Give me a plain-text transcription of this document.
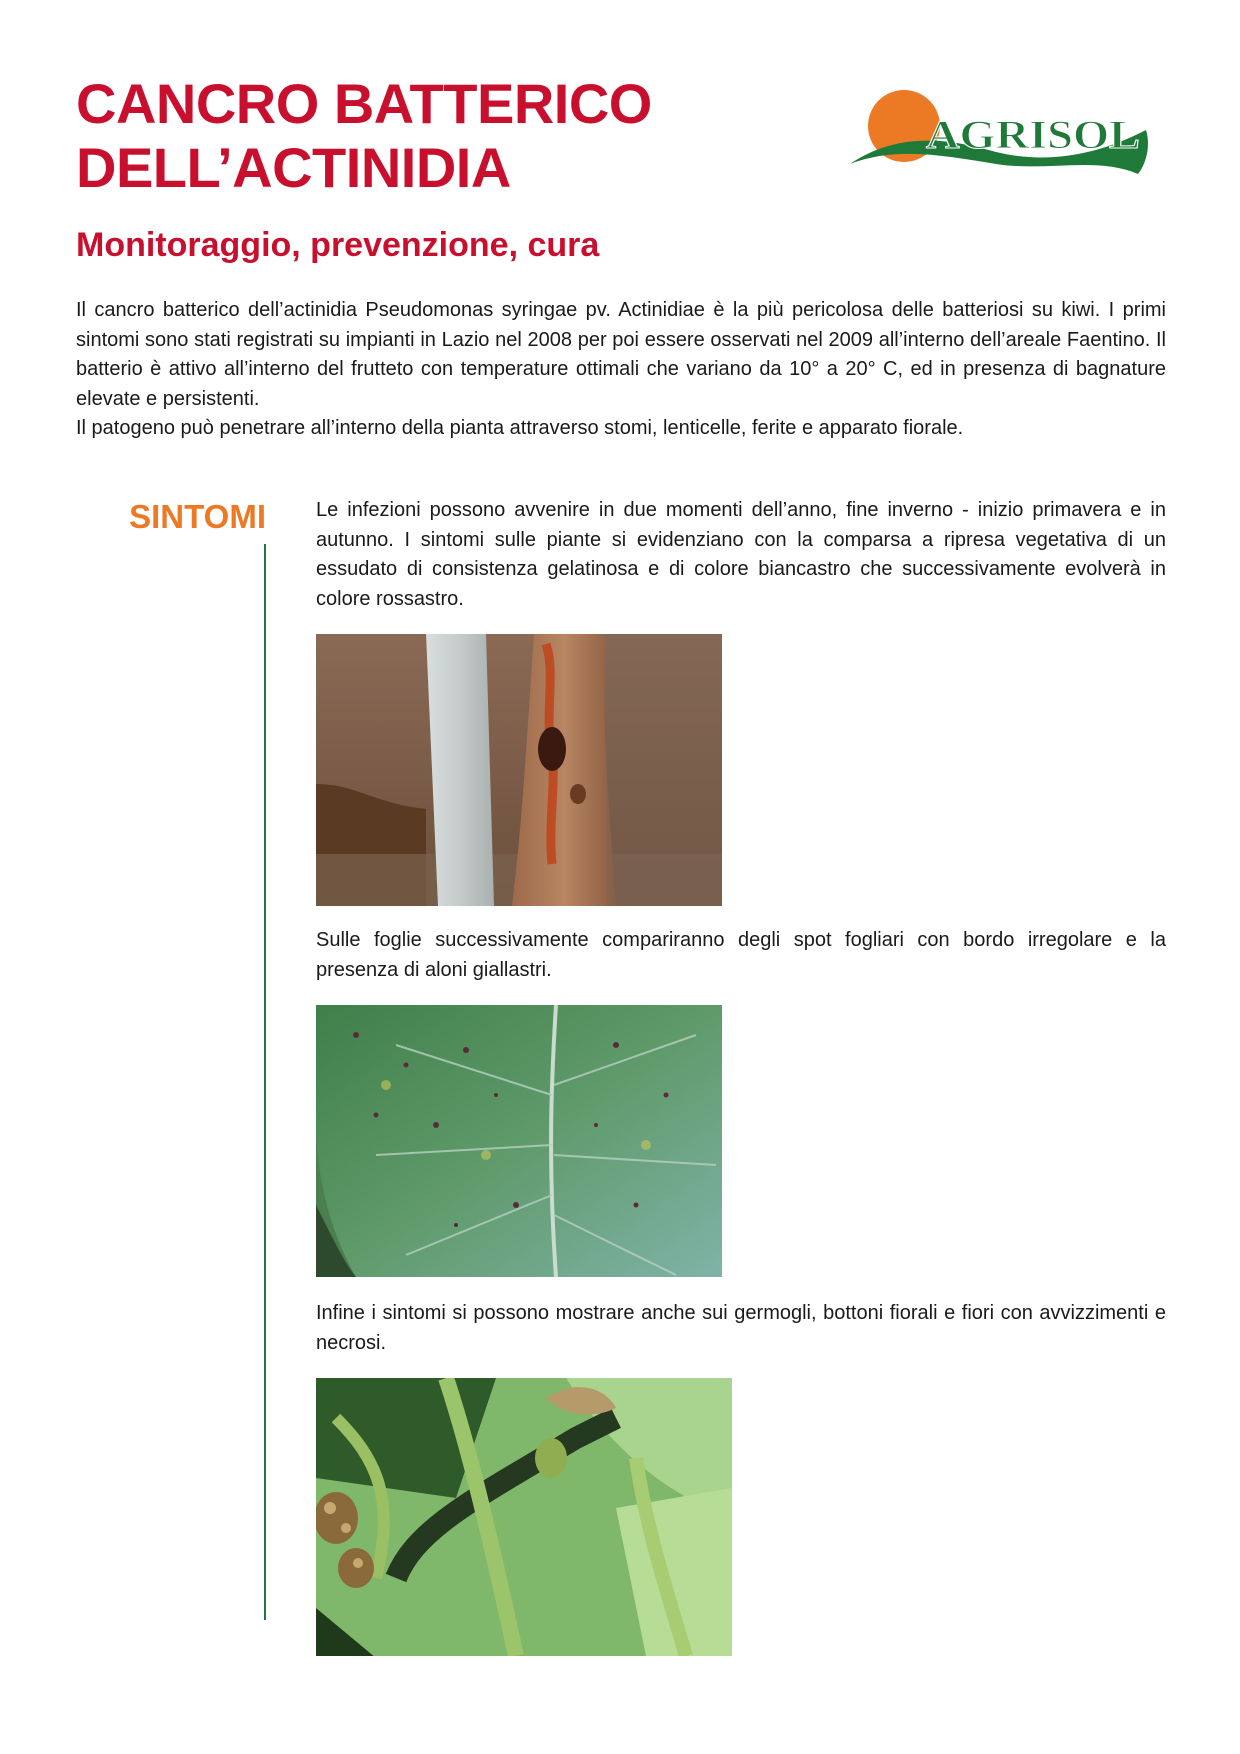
CANCRO BATTERICO
DELL’ACTINIDIA
Monitoraggio, prevenzione, cura
AGRISOL

Il cancro batterico dell’actinidia Pseudomonas syringae pv. Actinidiae è la più pericolosa delle batteriosi su kiwi. I primi sintomi sono stati registrati su impianti in Lazio nel 2008 per poi essere osservati nel 2009 all’interno dell’areale Faentino. Il batterio è attivo all’interno del frutteto con temperature ottimali che variano da 10° a 20° C, ed in presenza di bagnature elevate e persistenti.

Il patogeno può penetrare all’interno della pianta attraverso stomi, lenticelle, ferite e apparato fiorale.

SINTOMI	Le infezioni possono avvenire in due momenti dell’anno, fine inverno - inizio primavera e in autunno. I sintomi sulle piante si evidenziano con la comparsa a ripresa vegetativa di un essudato di consistenza gelatinosa e di colore biancastro che successivamente evolverà in colore rossastro.

Sulle foglie successivamente compariranno degli spot fogliari con bordo irregolare e la presenza di aloni giallastri.

Infine i sintomi si possono mostrare anche sui germogli, bottoni fiorali e fiori con avvizzimenti e necrosi.
